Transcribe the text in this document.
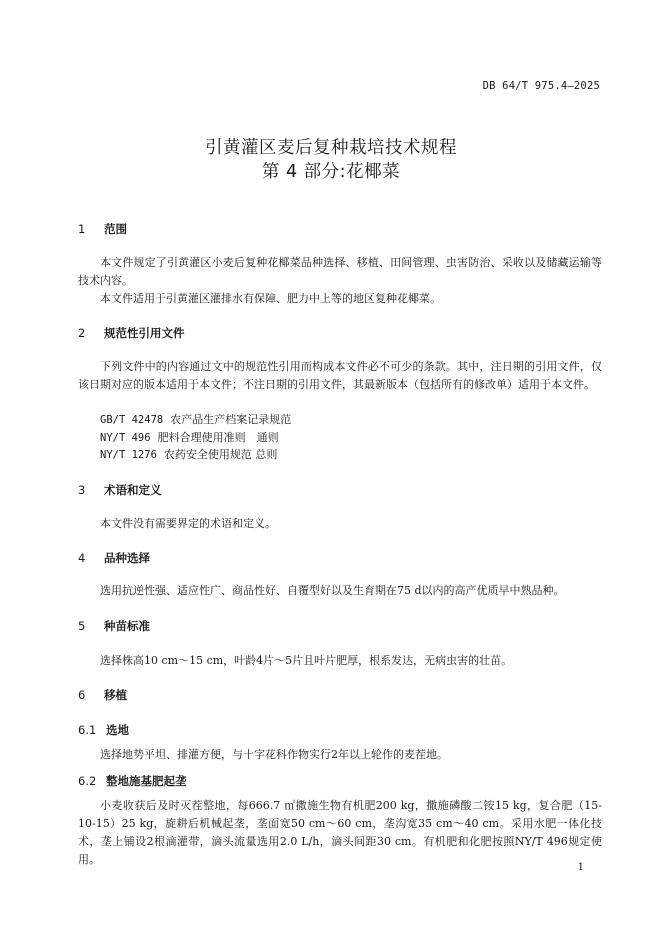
DB 64/T 975.4—2025
引黄灌区麦后复种栽培技术规程
第 4 部分:花椰菜
1 范围
本文件规定了引黄灌区小麦后复种花椰菜品种选择、移植、田间管理、虫害防治、采收以及储藏运输等技术内容。
本文件适用于引黄灌区灌排水有保障、肥力中上等的地区复种花椰菜。
2 规范性引用文件
下列文件中的内容通过文中的规范性引用而构成本文件必不可少的条款。其中，注日期的引用文件，仅该日期对应的版本适用于本文件；不注日期的引用文件，其最新版本（包括所有的修改单）适用于本文件。
GB/T 42478 农产品生产档案记录规范
NY/T 496 肥料合理使用准则　通则
NY/T 1276 农药安全使用规范 总则
3 术语和定义
本文件没有需要界定的术语和定义。
4 品种选择
选用抗逆性强、适应性广、商品性好、自覆型好以及生育期在75 d以内的高产优质早中熟品种。
5 种苗标准
选择株高10 cm～15 cm，叶龄4片～5片且叶片肥厚，根系发达，无病虫害的壮苗。
6 移植
6.1 选地
选择地势平坦、排灌方便，与十字花科作物实行2年以上轮作的麦茬地。
6.2 整地施基肥起垄
小麦收获后及时灭茬整地，每666.7 ㎡撒施生物有机肥200 kg，撒施磷酸二铵15 kg，复合肥（15-10-15）25 kg，旋耕后机械起垄，垄面宽50 cm～60 cm，垄沟宽35 cm～40 cm。采用水肥一体化技术，垄上铺设2根滴灌带，滴头流量选用2.0 L/h，滴头间距30 cm。有机肥和化肥按照NY/T 496规定使用。
1
